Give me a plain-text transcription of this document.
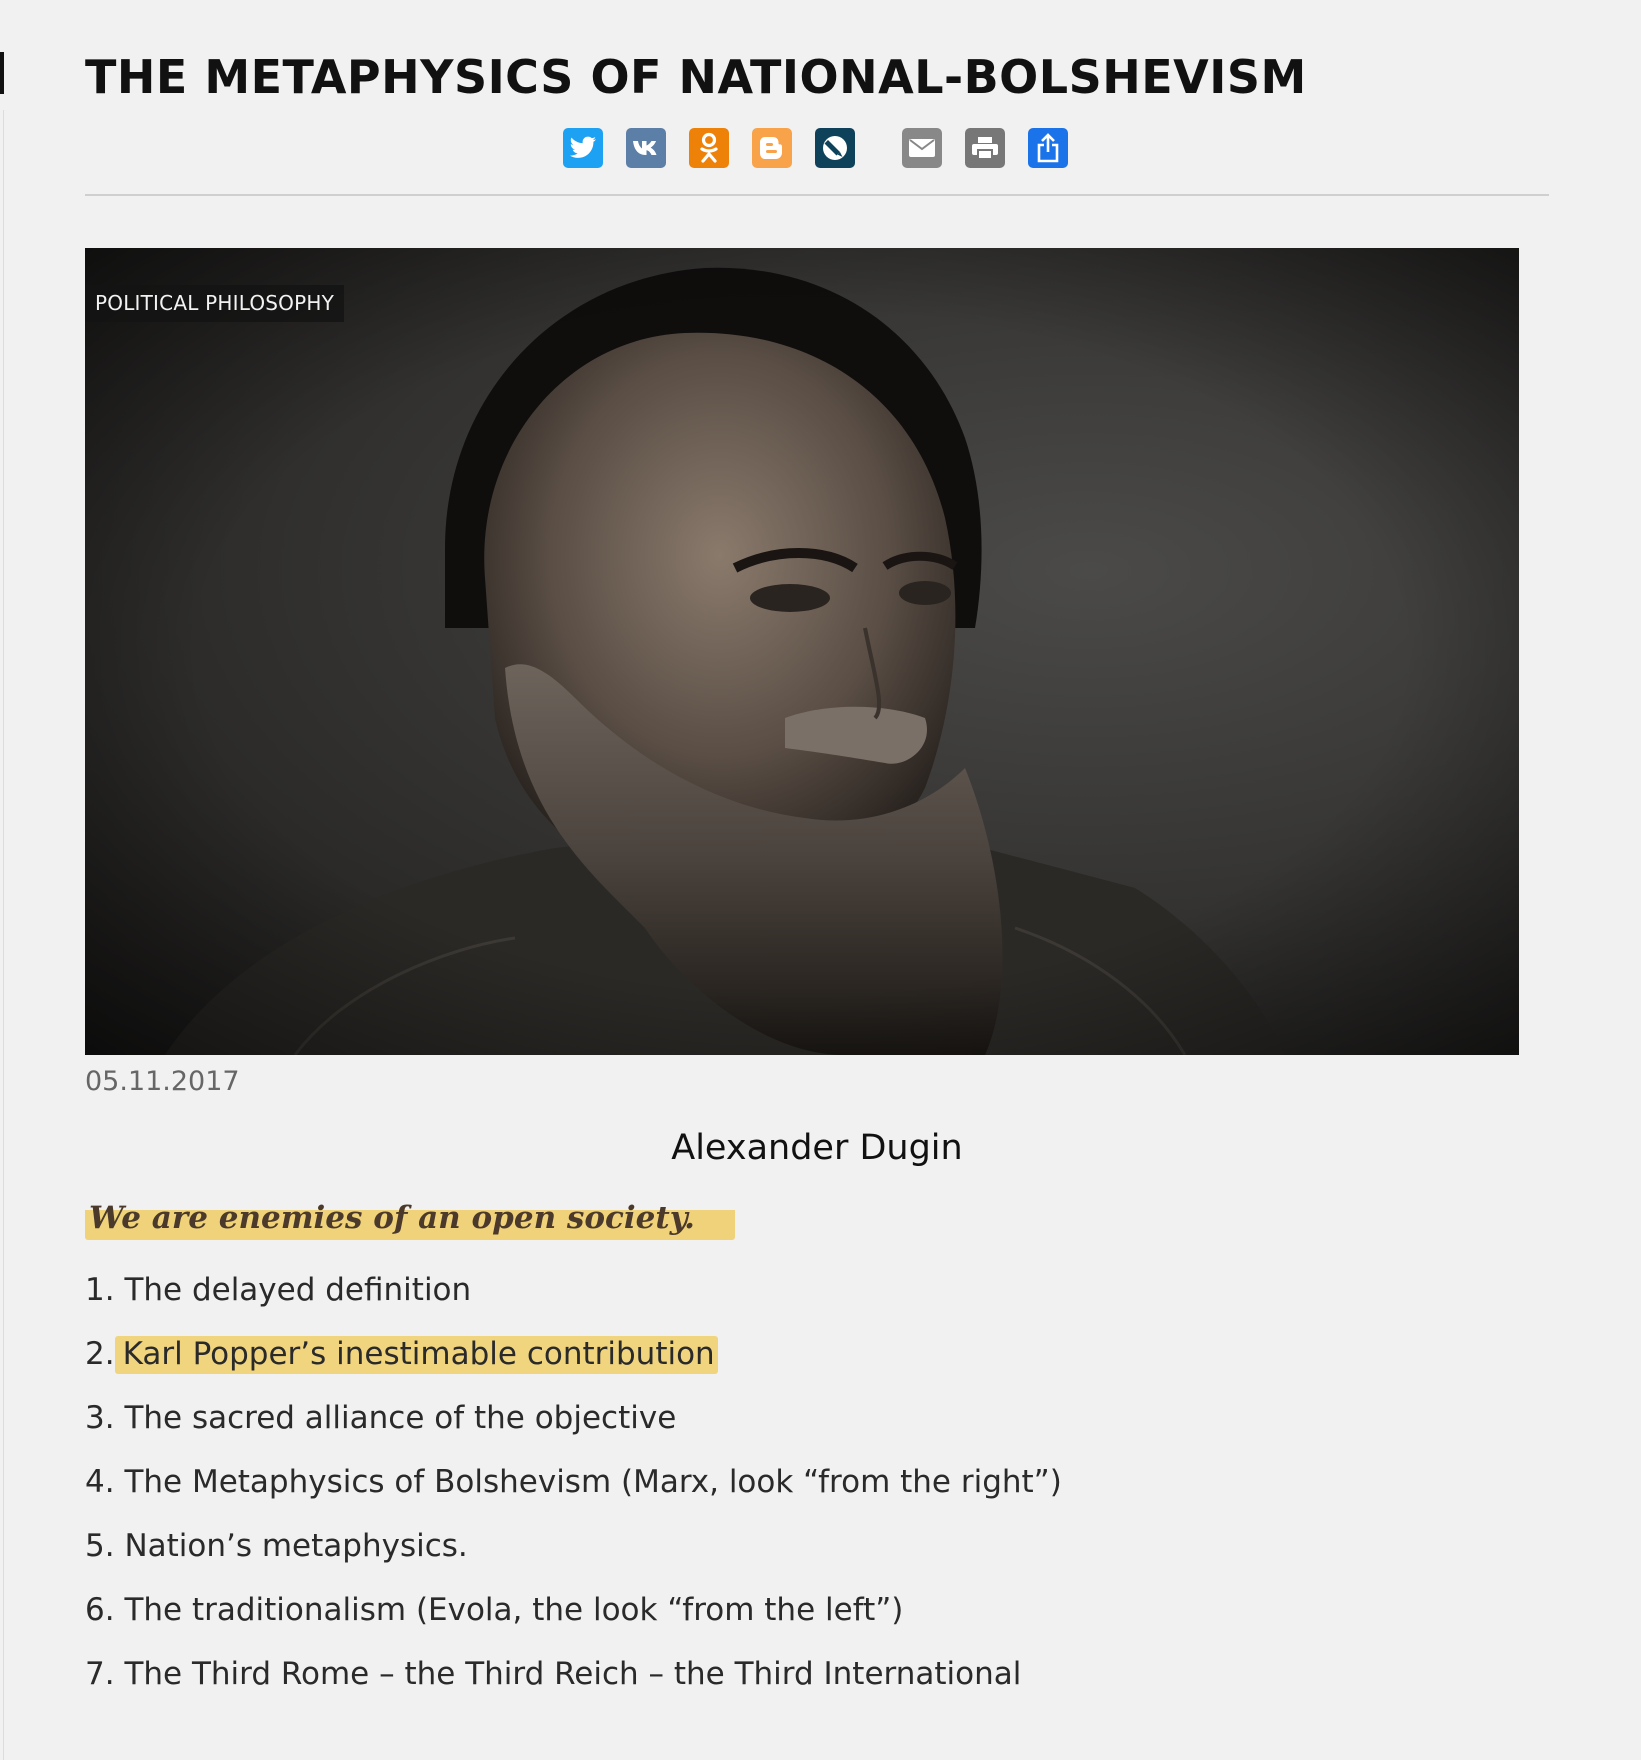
THE METAPHYSICS OF NATIONAL-BOLSHEVISM
POLITICAL PHILOSOPHY
05.11.2017
Alexander Dugin
We are enemies of an open society.
1. The delayed definition
2. Karl Popper’s inestimable contribution
3. The sacred alliance of the objective
4. The Metaphysics of Bolshevism (Marx, look “from the right”)
5. Nation’s metaphysics.
6. The traditionalism (Evola, the look “from the left”)
7. The Third Rome – the Third Reich – the Third International
